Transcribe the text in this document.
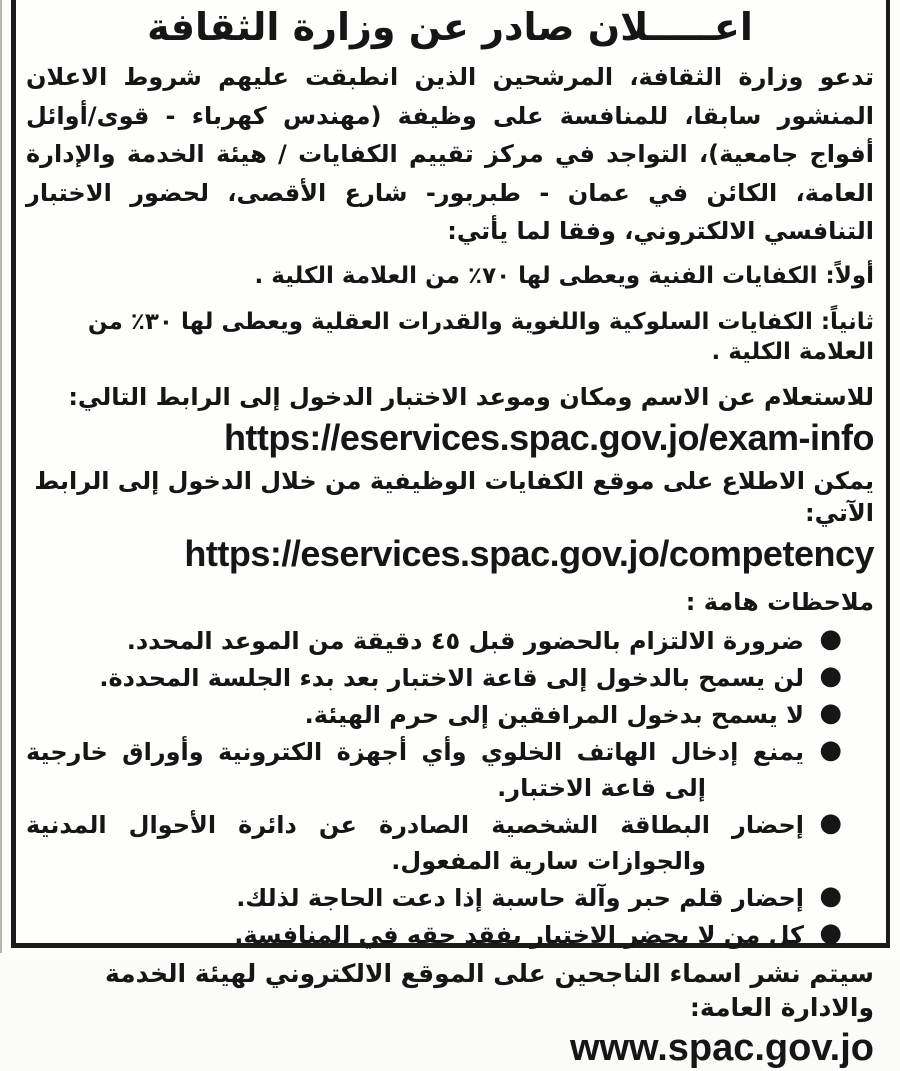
اعـــــلان صادر عن وزارة الثقافة

تدعو وزارة الثقافة، المرشحين الذين انطبقت عليهم شروط الاعلان المنشور سابقا، للمنافسة على وظيفة (مهندس كهرباء - قوى/أوائل أفواج جامعية)، التواجد في مركز تقييم الكفايات / هيئة الخدمة والإدارة العامة، الكائن في عمان - طبربور- شارع الأقصى، لحضور الاختبار التنافسي الالكتروني، وفقا لما يأتي:

أولاً: الكفايات الفنية ويعطى لها ٧٠٪ من العلامة الكلية .
ثانياً: الكفايات السلوكية واللغوية والقدرات العقلية ويعطى لها ٣٠٪ من العلامة الكلية .
للاستعلام عن الاسم ومكان وموعد الاختبار الدخول إلى الرابط التالي:
https://eservices.spac.gov.jo/exam-info
يمكن الاطلاع على موقع الكفايات الوظيفية من خلال الدخول إلى الرابط الآتي:
https://eservices.spac.gov.jo/competency
ملاحظات هامة :
●
ضرورة الالتزام بالحضور قبل ٤٥ دقيقة من الموعد المحدد.
●
لن يسمح بالدخول إلى قاعة الاختبار بعد بدء الجلسة المحددة.
●
لا يسمح بدخول المرافقين إلى حرم الهيئة.
●
يمنع إدخال الهاتف الخلوي وأي أجهزة الكترونية وأوراق خارجية إلى قاعة الاختبار.
●
إحضار البطاقة الشخصية الصادرة عن دائرة الأحوال المدنية والجوازات سارية المفعول.
●
إحضار قلم حبر وآلة حاسبة إذا دعت الحاجة لذلك.
●
كل من لا يحضر الاختبار يفقد حقه في المنافسة.
سيتم نشر اسماء الناجحين على الموقع الالكتروني لهيئة الخدمة والادارة العامة:
www.spac.gov.jo
